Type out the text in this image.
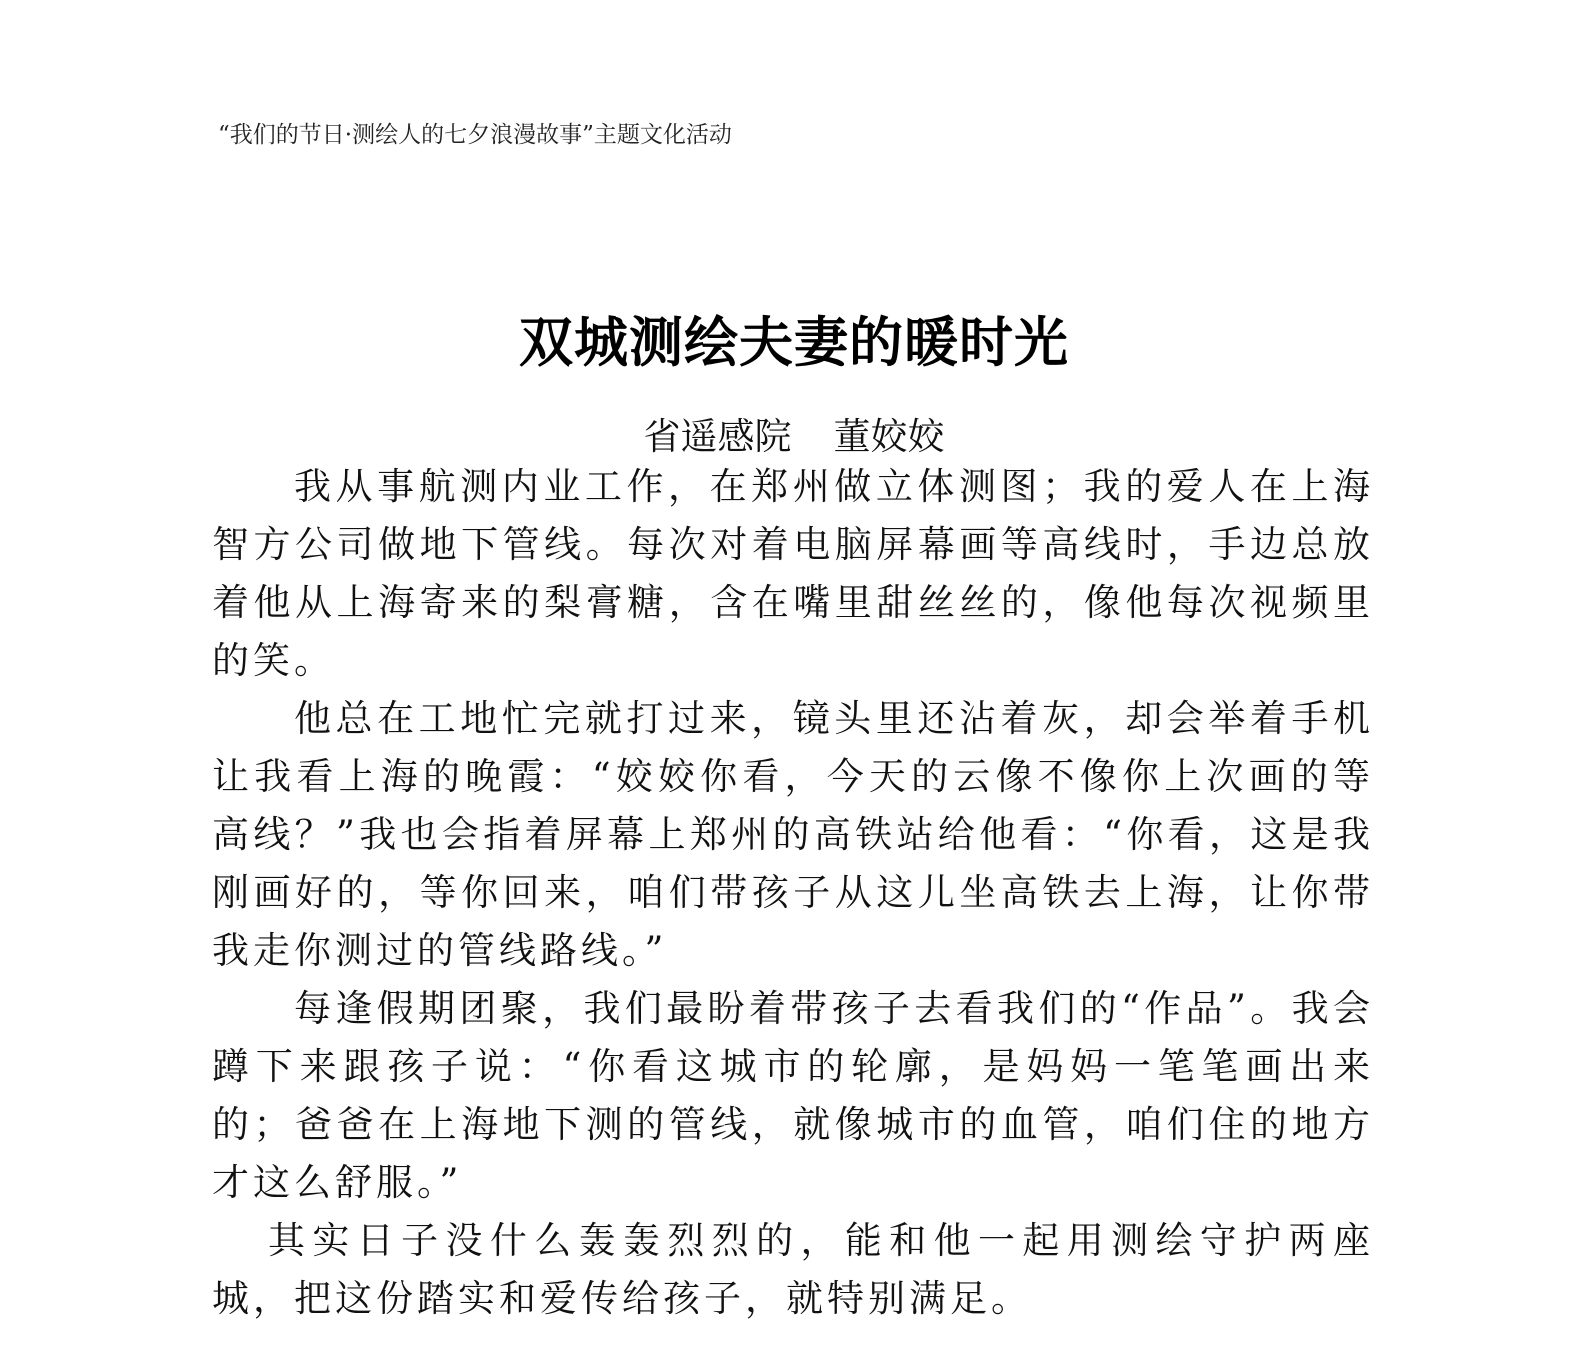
“我们的节日·测绘人的七夕浪漫故事”主题文化活动
双城测绘夫妻的暖时光
省遥感院 董姣姣

我从事航测内业工作，在郑州做立体测图；我的爱人在上海智方公司做地下管线。每次对着电脑屏幕画等高线时，手边总放着他从上海寄来的梨膏糖，含在嘴里甜丝丝的，像他每次视频里的笑。

他总在工地忙完就打过来，镜头里还沾着灰，却会举着手机让我看上海的晚霞：“姣姣你看，今天的云像不像你上次画的等高线？”我也会指着屏幕上郑州的高铁站给他看：“你看，这是我刚画好的，等你回来，咱们带孩子从这儿坐高铁去上海，让你带我走你测过的管线路线。”

每逢假期团聚，我们最盼着带孩子去看我们的“作品”。我会蹲下来跟孩子说：“你看这城市的轮廓，是妈妈一笔笔画出来的；爸爸在上海地下测的管线，就像城市的血管，咱们住的地方才这么舒服。”

其实日子没什么轰轰烈烈的，能和他一起用测绘守护两座城，把这份踏实和爱传给孩子，就特别满足。
